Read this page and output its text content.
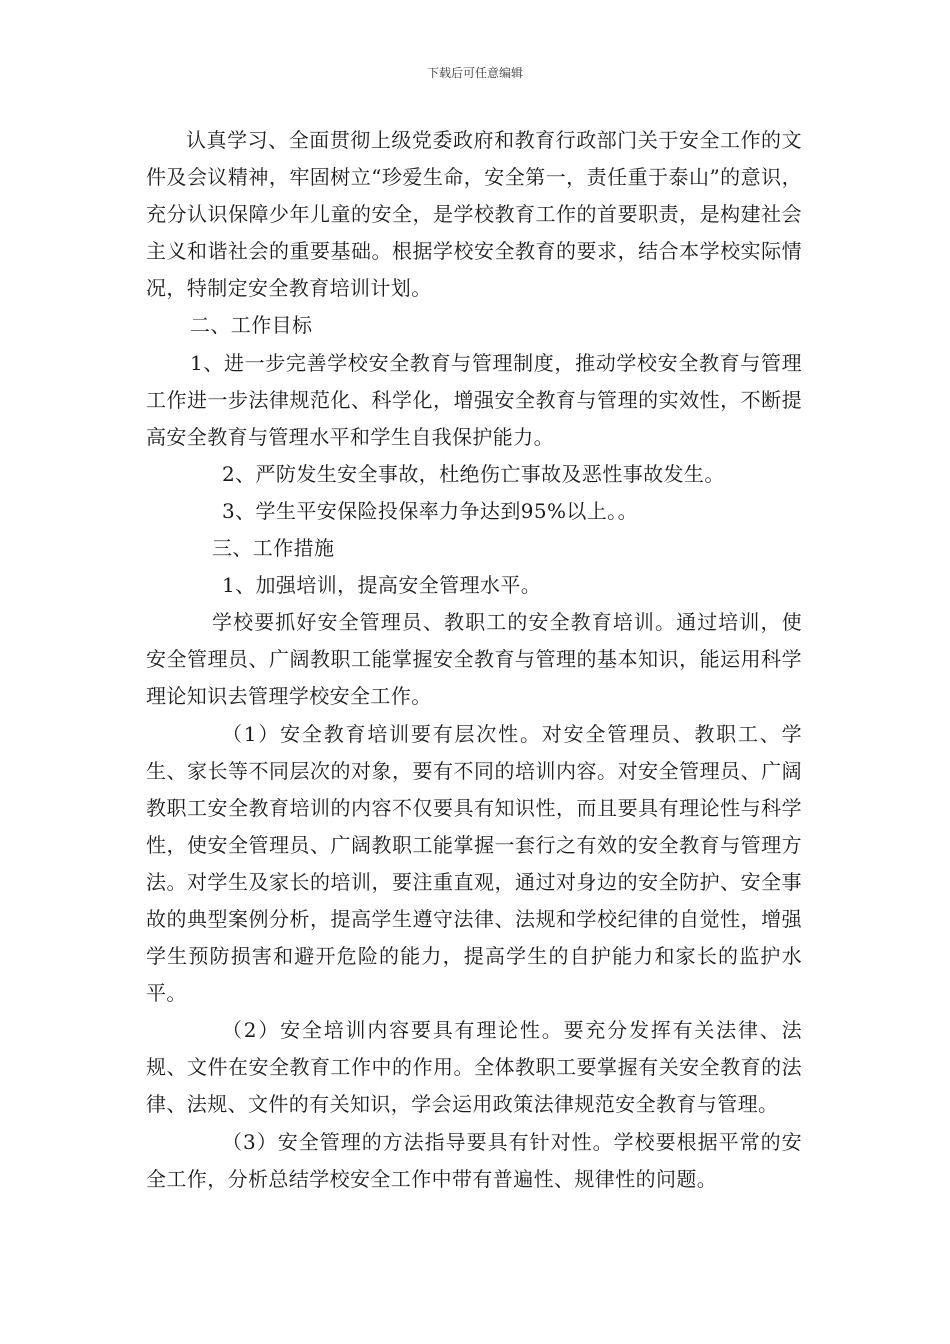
下载后可任意编辑

认真学习、全面贯彻上级党委政府和教育行政部门关于安全工作的文件及会议精神，牢固树立“珍爱生命，安全第一，责任重于泰山”的意识，充分认识保障少年儿童的安全，是学校教育工作的首要职责，是构建社会主义和谐社会的重要基础。根据学校安全教育的要求，结合本学校实际情况，特制定安全教育培训计划。

二、工作目标

1、进一步完善学校安全教育与管理制度，推动学校安全教育与管理工作进一步法律规范化、科学化，增强安全教育与管理的实效性，不断提高安全教育与管理水平和学生自我保护能力。

2、严防发生安全事故，杜绝伤亡事故及恶性事故发生。

3、学生平安保险投保率力争达到95%以上。。

三、工作措施

1、加强培训，提高安全管理水平。

学校要抓好安全管理员、教职工的安全教育培训。通过培训，使安全管理员、广阔教职工能掌握安全教育与管理的基本知识，能运用科学理论知识去管理学校安全工作。

（1）安全教育培训要有层次性。对安全管理员、教职工、学生、家长等不同层次的对象，要有不同的培训内容。对安全管理员、广阔教职工安全教育培训的内容不仅要具有知识性，而且要具有理论性与科学性，使安全管理员、广阔教职工能掌握一套行之有效的安全教育与管理方法。对学生及家长的培训，要注重直观，通过对身边的安全防护、安全事故的典型案例分析，提高学生遵守法律、法规和学校纪律的自觉性，增强学生预防损害和避开危险的能力，提高学生的自护能力和家长的监护水平。

（2）安全培训内容要具有理论性。要充分发挥有关法律、法规、文件在安全教育工作中的作用。全体教职工要掌握有关安全教育的法律、法规、文件的有关知识，学会运用政策法律规范安全教育与管理。

（3）安全管理的方法指导要具有针对性。学校要根据平常的安全工作，分析总结学校安全工作中带有普遍性、规律性的问题。
